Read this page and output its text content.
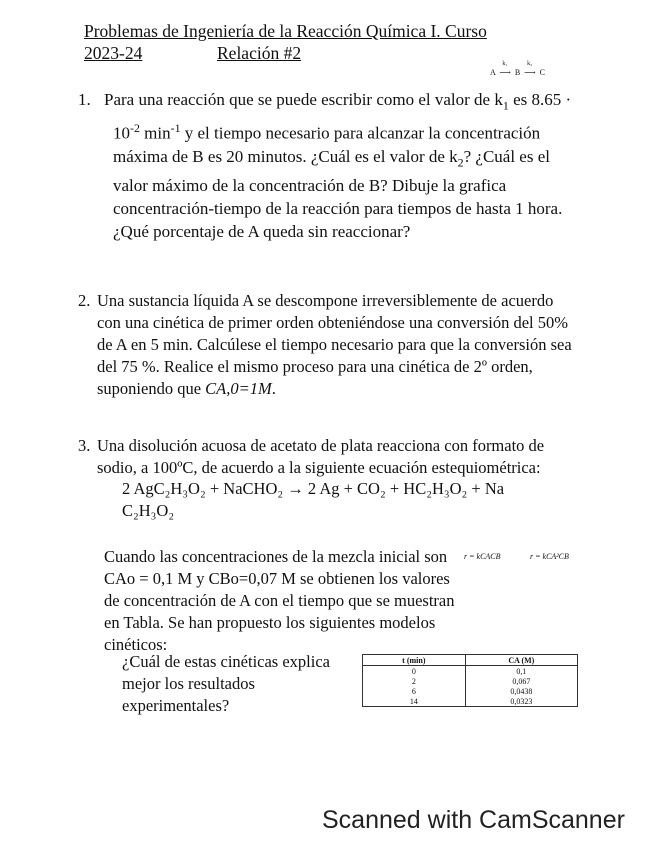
Problemas de Ingeniería de la Reacción Química I. Curso
2023-24	Relación #2
A
k₁
⟶ B
k₂
⟶ C
1. Para una reacción que se puede escribir como el valor de $k_1$ es $8.65 \cdot 10^{-2}$ $\min^{-1} y$ el tiempo necesario para alcanzar la concentración máxima de B es 20 minutos. ¿Cuál es el valor de $k_2$? ¿Cuál es el valor máximo de la concentración de B? Dibuje la grafica concentración-tiempo de la reacción para tiempos de hasta 1 hora. ¿Qué porcentaje de A queda sin reaccionar?
2. Una sustancia líquida A se descompone irreversiblemente de acuerdo con una cinética de primer orden obteniéndose una conversión del 50% de A en 5 min. Calcúlese el tiempo necesario para que la conversión sea del 75 %. Realice el mismo proceso para una cinética de 2º orden, suponiendo que CA,0=1M.
3. Una disolución acuosa de acetato de plata reacciona con formato de sodio, a 100ºC, de acuerdo a la siguiente ecuación estequiométrica:
2 AgC₂H₃O₂ + NaCHO₂ → 2 Ag + CO₂ + HC₂H₃O₂ + Na
C₂H₃O₂
Cuando las concentraciones de la mezcla inicial son CAo = 0,1 M y CBo=0,07 M se obtienen los valores de concentración de A con el tiempo que se muestran en Tabla. Se han propuesto los siguientes modelos cinéticos:
r = kCACB	r = kCA²CB
¿Cuál de estas cinéticas explica mejor los resultados experimentales?
t (min)	CA (M)
0	0,1
2	0,067
6	0,0438
14	0,0323
Scanned with CamScanner
